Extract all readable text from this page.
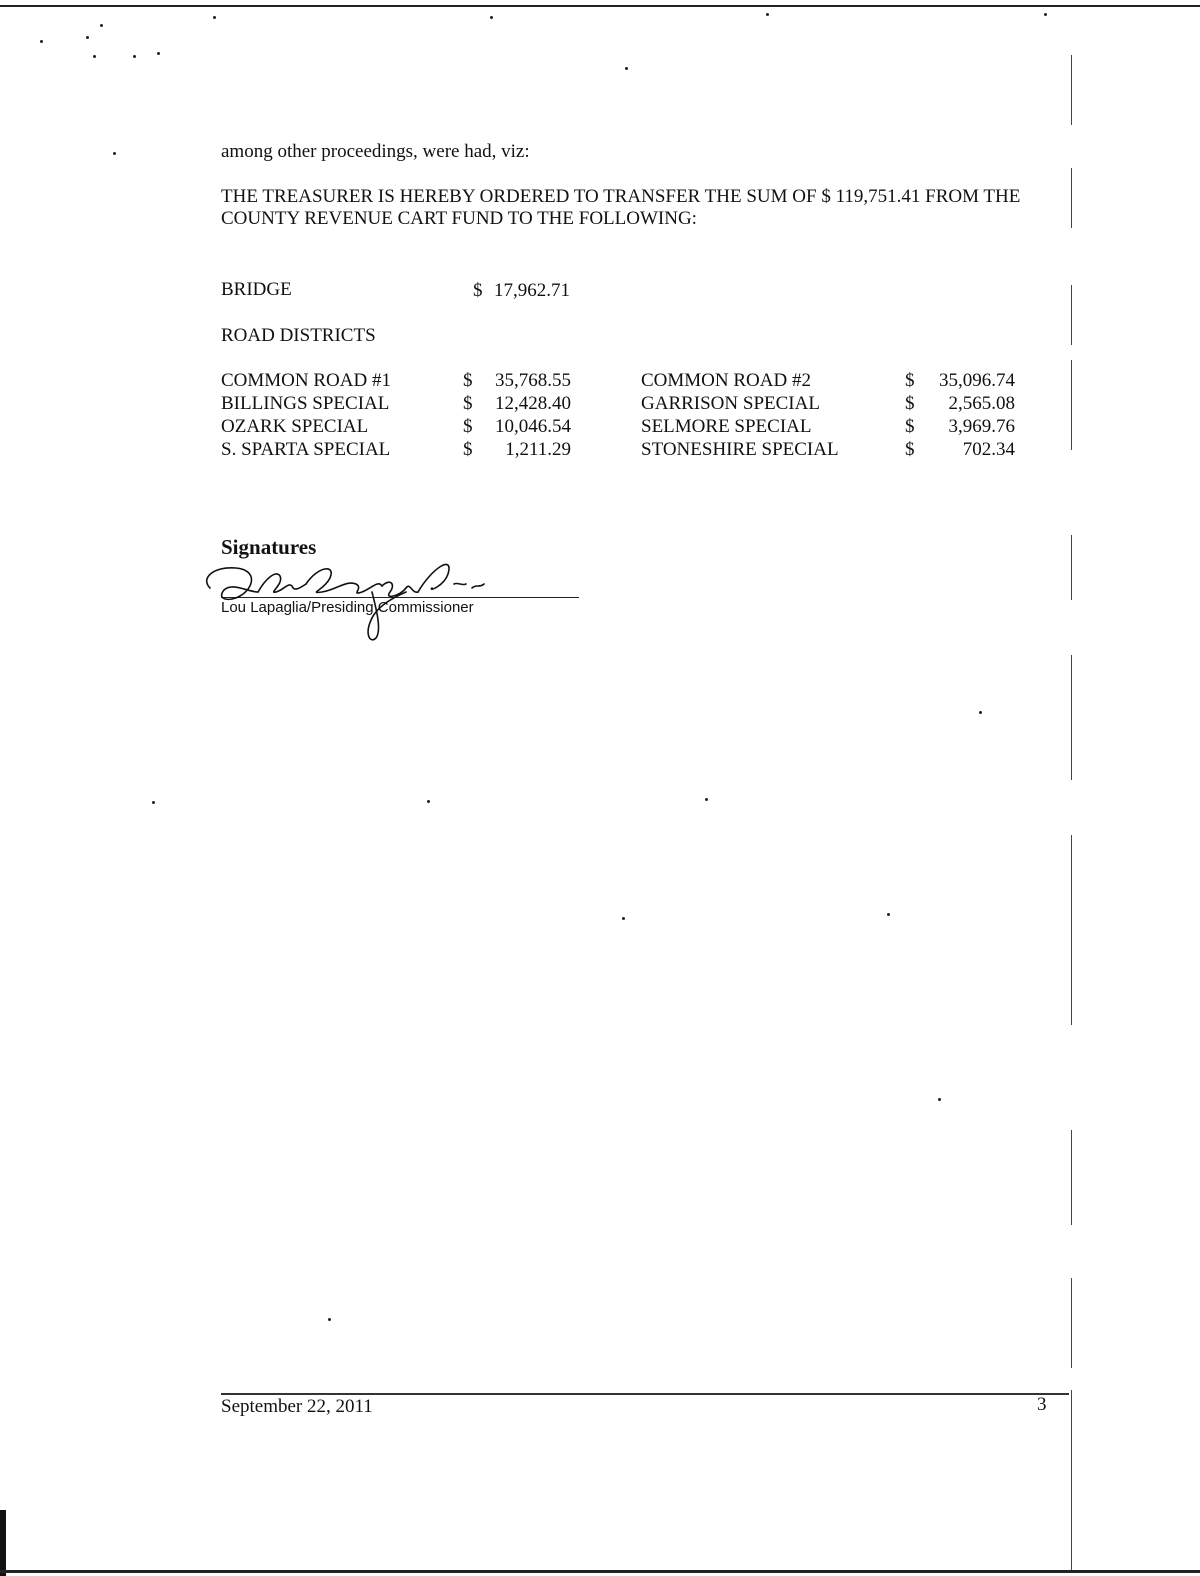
among other proceedings, were had, viz:
THE TREASURER IS HEREBY ORDERED TO TRANSFER THE SUM OF $ 119,751.41 FROM THE COUNTY REVENUE CART FUND TO THE FOLLOWING:
BRIDGE	$ 17,962.71
ROAD DISTRICTS
COMMON ROAD #1	$	35,768.55		COMMON ROAD #2	$	35,096.74
BILLINGS SPECIAL	$	12,428.40		GARRISON SPECIAL	$	2,565.08
OZARK SPECIAL	$	10,046.54		SELMORE SPECIAL	$	3,969.76
S. SPARTA SPECIAL	$	1,211.29		STONESHIRE SPECIAL	$	702.34
Signatures
Lou Lapaglia/Presiding Commissioner
September 22, 2011	3
